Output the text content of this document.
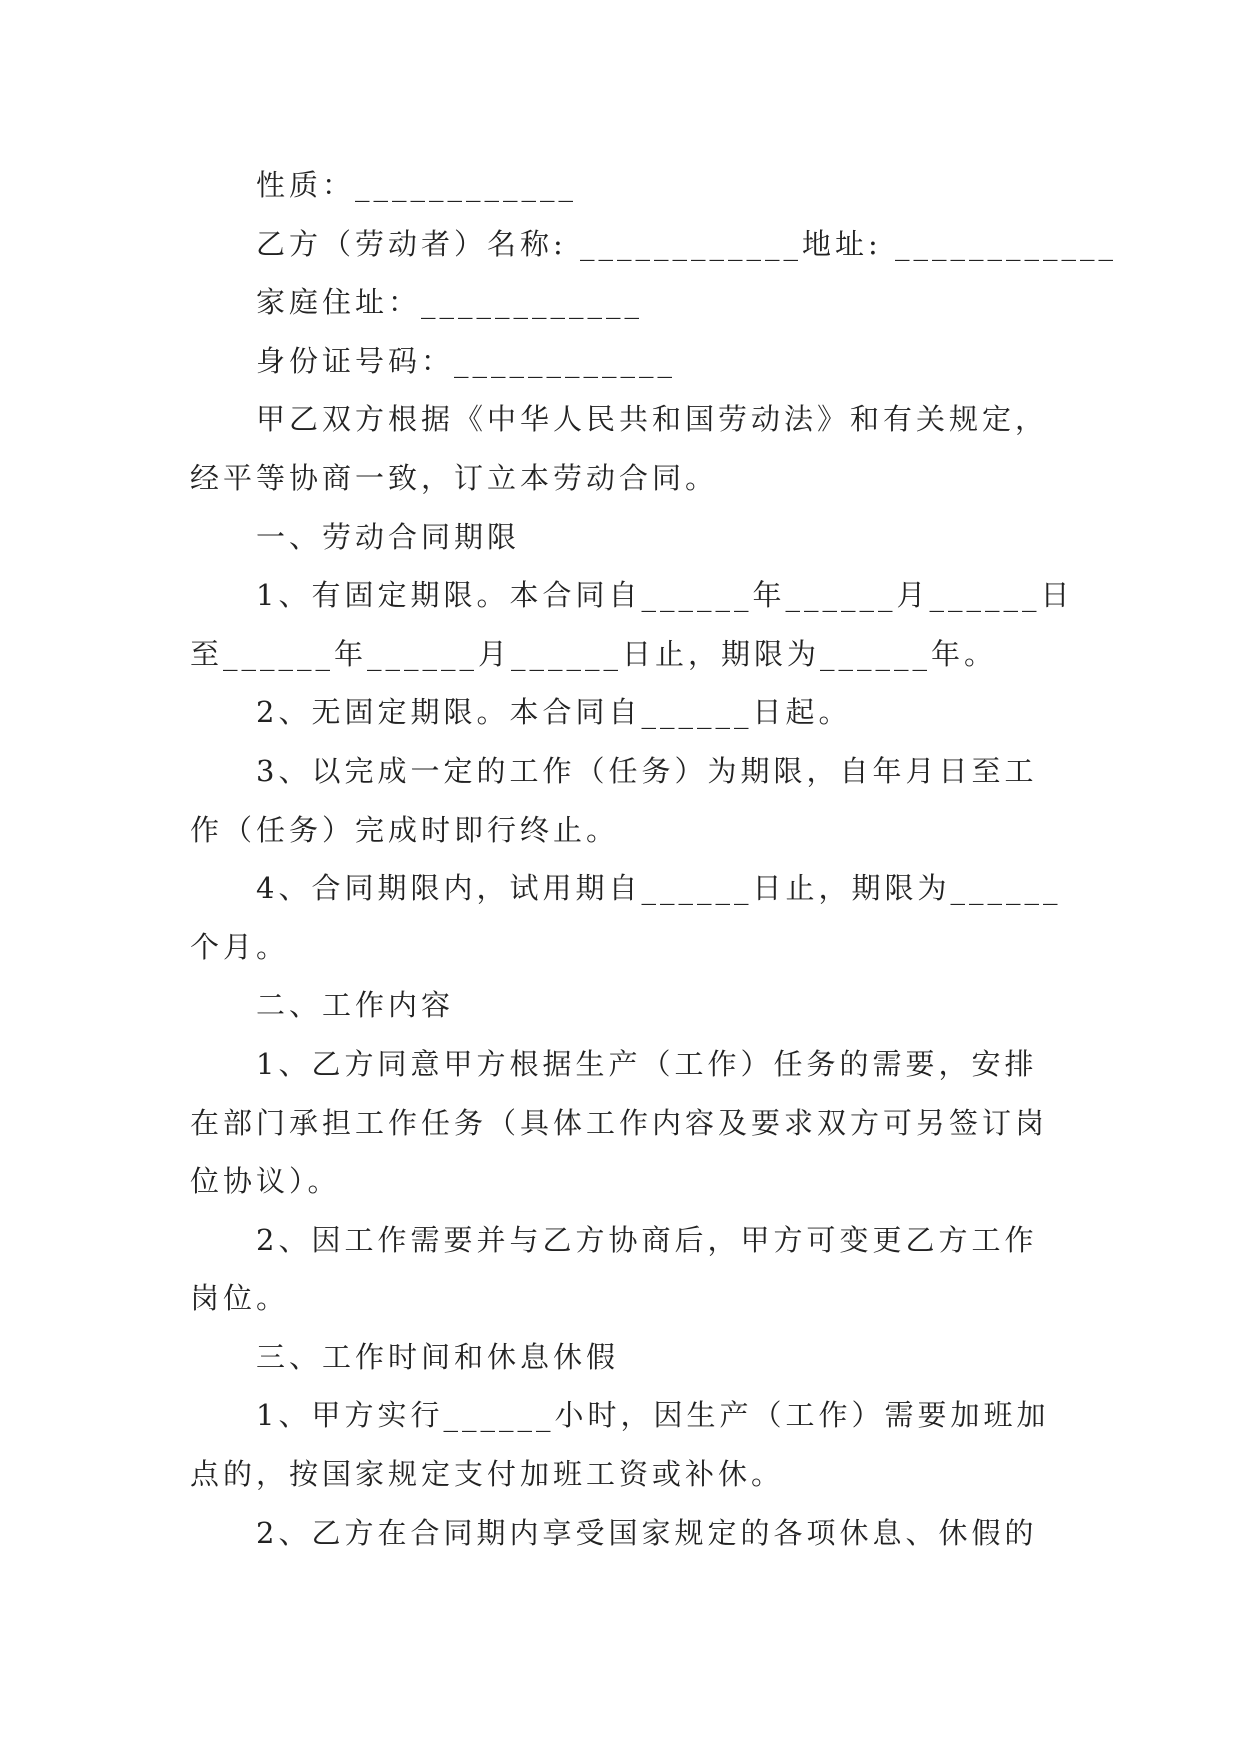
性质：____________
乙方（劳动者）名称: ____________地址: ____________
家庭住址：____________
身份证号码：____________
甲乙双方根据《中华人民共和国劳动法》和有关规定，
经平等协商一致，订立本劳动合同。
一、劳动合同期限
1、有固定期限。本合同自______年______月______日
至______年______月______日止，期限为______年。
2、无固定期限。本合同自______日起。
3、以完成一定的工作（任务）为期限，自年月日至工
作（任务）完成时即行终止。
4、合同期限内，试用期自______日止，期限为______
个月。
二、工作内容
1、乙方同意甲方根据生产（工作）任务的需要，安排
在部门承担工作任务（具体工作内容及要求双方可另签订岗
位协议）。
2、因工作需要并与乙方协商后，甲方可变更乙方工作
岗位。
三、工作时间和休息休假
1、甲方实行______小时，因生产（工作）需要加班加
点的，按国家规定支付加班工资或补休。
2、乙方在合同期内享受国家规定的各项休息、休假的
